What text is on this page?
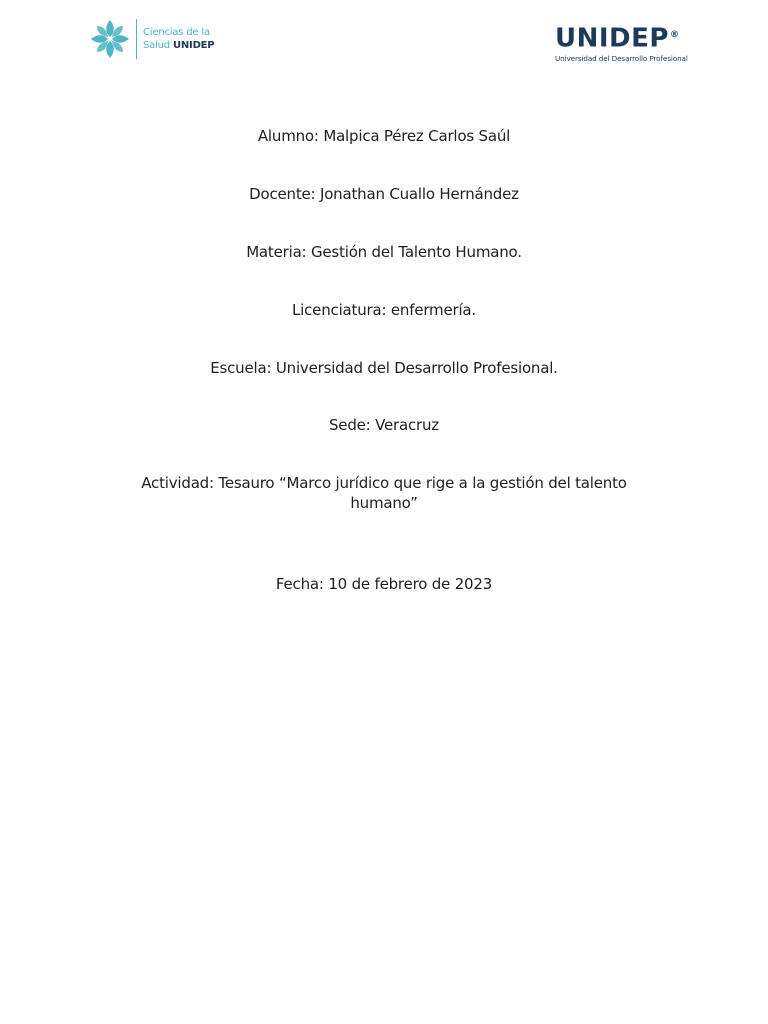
Ciencias de la
Salud UNIDEP	UNIDEP®
Universidad del Desarrollo Profesional
Alumno: Malpica Pérez Carlos Saúl
Docente: Jonathan Cuallo Hernández
Materia: Gestión del Talento Humano.
Licenciatura: enfermería.
Escuela: Universidad del Desarrollo Profesional.
Sede: Veracruz
Actividad: Tesauro “Marco jurídico que rige a la gestión del talento humano”
Fecha: 10 de febrero de 2023
